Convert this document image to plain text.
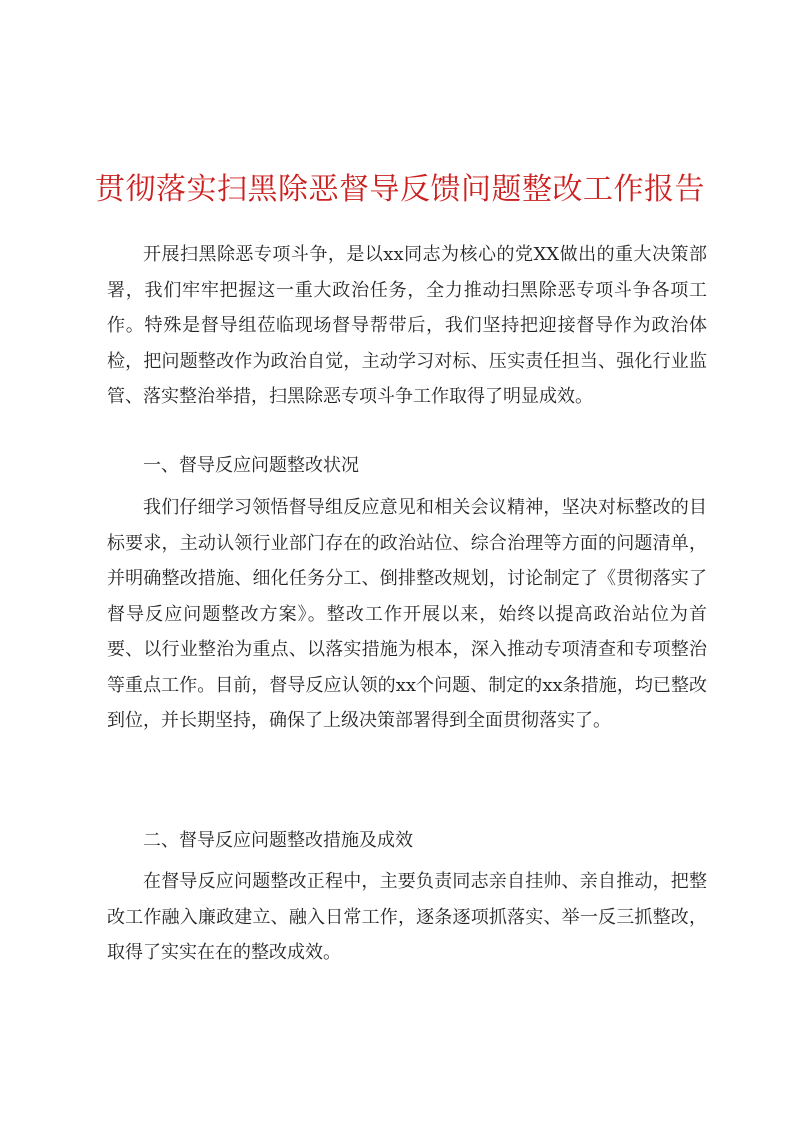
贯彻落实扫黑除恶督导反馈问题整改工作报告

开展扫黑除恶专项斗争，是以xx同志为核心的党XX做出的重大决策部署，我们牢牢把握这一重大政治任务，全力推动扫黑除恶专项斗争各项工作。特殊是督导组莅临现场督导帮带后，我们坚持把迎接督导作为政治体检，把问题整改作为政治自觉，主动学习对标、压实责任担当、强化行业监管、落实整治举措，扫黑除恶专项斗争工作取得了明显成效。

一、督导反应问题整改状况

我们仔细学习领悟督导组反应意见和相关会议精神，坚决对标整改的目标要求，主动认领行业部门存在的政治站位、综合治理等方面的问题清单，并明确整改措施、细化任务分工、倒排整改规划，讨论制定了《贯彻落实了督导反应问题整改方案》。整改工作开展以来，始终以提高政治站位为首要、以行业整治为重点、以落实措施为根本，深入推动专项清查和专项整治等重点工作。目前，督导反应认领的xx个问题、制定的xx条措施，均已整改到位，并长期坚持，确保了上级决策部署得到全面贯彻落实了。

二、督导反应问题整改措施及成效

在督导反应问题整改正程中，主要负责同志亲自挂帅、亲自推动，把整改工作融入廉政建立、融入日常工作，逐条逐项抓落实、举一反三抓整改，取得了实实在在的整改成效。
